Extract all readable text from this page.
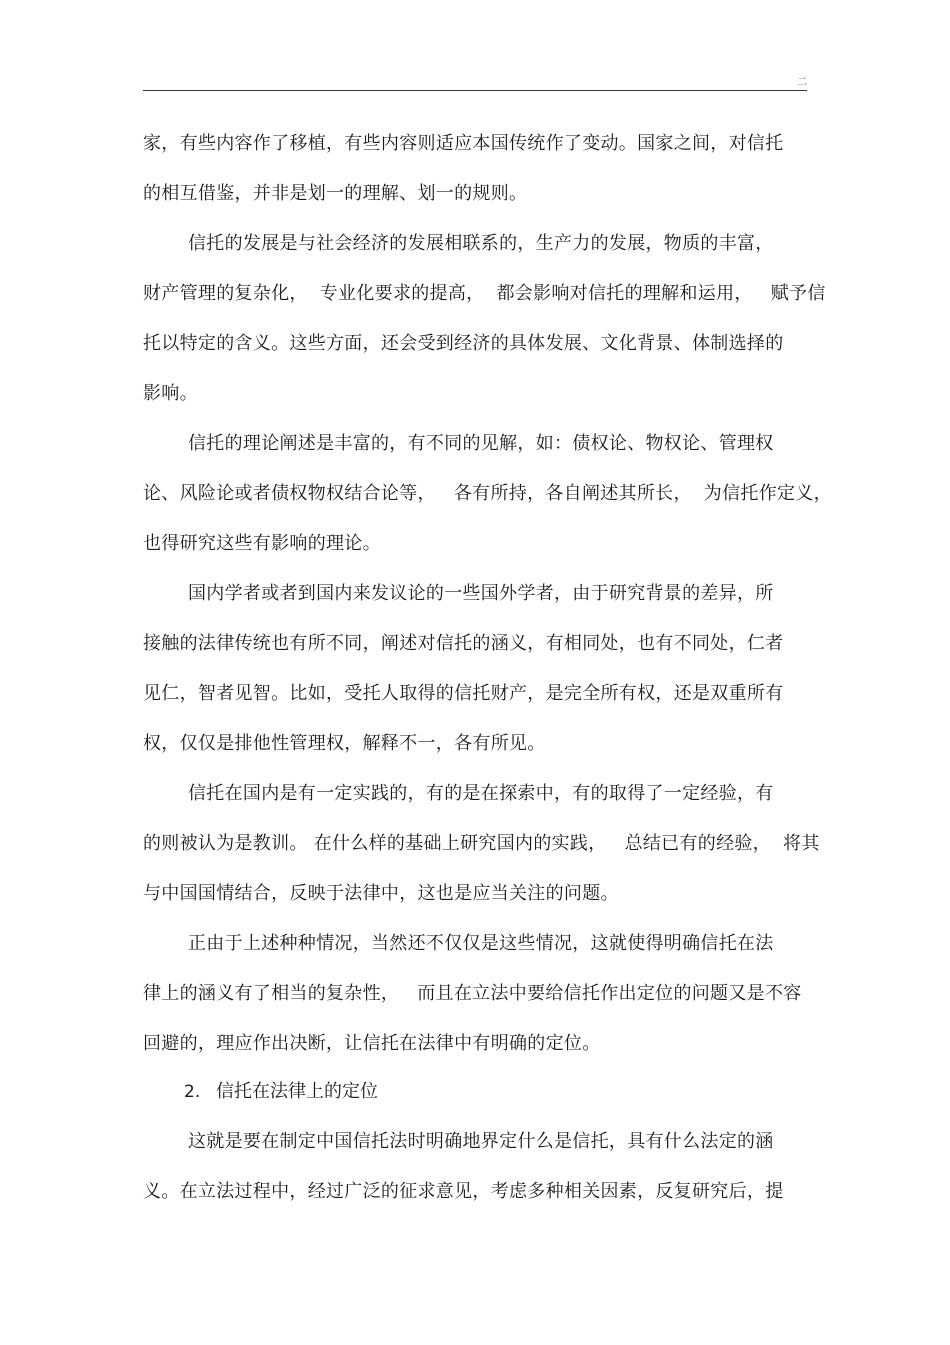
二
家，有些内容作了移植，有些内容则适应本国传统作了变动。国家之间，对信托
的相互借鉴，并非是划一的理解、划一的规则。
信托的发展是与社会经济的发展相联系的，生产力的发展，物质的丰富，
财产管理的复杂化，  专业化要求的提高，  都会影响对信托的理解和运用，   赋予信
托以特定的含义。这些方面，还会受到经济的具体发展、文化背景、体制选择的
影响。
信托的理论阐述是丰富的，有不同的见解，如：债权论、物权论、管理权
论、风险论或者债权物权结合论等，   各有所持，各自阐述其所长，  为信托作定义，
也得研究这些有影响的理论。
国内学者或者到国内来发议论的一些国外学者，由于研究背景的差异，所
接触的法律传统也有所不同，阐述对信托的涵义，有相同处，也有不同处，仁者
见仁，智者见智。比如，受托人取得的信托财产，是完全所有权，还是双重所有
权，仅仅是排他性管理权，解释不一，各有所见。
信托在国内是有一定实践的，有的是在探索中，有的取得了一定经验，有
的则被认为是教训。 在什么样的基础上研究国内的实践，   总结已有的经验，  将其
与中国国情结合，反映于法律中，这也是应当关注的问题。
正由于上述种种情况，当然还不仅仅是这些情况，这就使得明确信托在法
律上的涵义有了相当的复杂性，   而且在立法中要给信托作出定位的问题又是不容
回避的，理应作出决断，让信托在法律中有明确的定位。
2. 信托在法律上的定位
这就是要在制定中国信托法时明确地界定什么是信托，具有什么法定的涵
义。在立法过程中，经过广泛的征求意见，考虑多种相关因素，反复研究后，提
